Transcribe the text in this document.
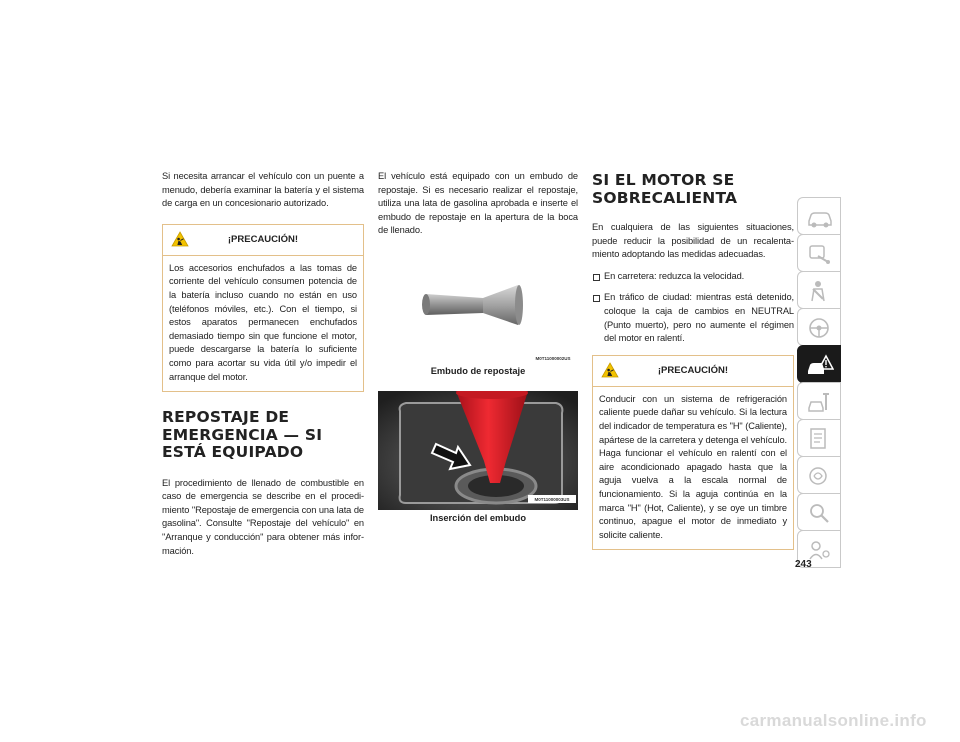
Si necesita arrancar el vehículo con un puente a menudo, debería examinar la batería y el sistema de carga en un concesionario autorizado.

¡PRECAUCIÓN!

Los accesorios enchufados a las tomas de corriente del vehículo consumen potencia de la batería incluso cuando no están en uso (teléfonos móviles, etc.). Con el tiempo, si estos aparatos permanecen enchufados demasiado tiempo sin que funcione el motor, puede descargarse la batería lo suficiente como para acortar su vida útil y/o impedir el arranque del motor.

REPOSTAJE DE EMERGENCIA — SI ESTÁ EQUIPADO

El procedimiento de llenado de combustible en caso de emergencia se describe en el procedi-miento "Repostaje de emergencia con una lata de gasolina". Consulte "Repostaje del vehículo" en "Arranque y conducción" para obtener más infor-mación.

El vehículo está equipado con un embudo de repostaje. Si es necesario realizar el repostaje, utiliza una lata de gasolina aprobada e inserte el embudo de repostaje en la apertura de la boca de llenado.

M0T11000002US
Embudo de repostaje
M0T11000003US
Inserción del embudo
SI EL MOTOR SE SOBRECALIENTA

En cualquiera de las siguientes situaciones, puede reducir la posibilidad de un recalenta-miento adoptando las medidas adecuadas.

En carretera: reduzca la velocidad.

En tráfico de ciudad: mientras está detenido, coloque la caja de cambios en NEUTRAL (Punto muerto), pero no aumente el régimen del motor en ralentí.

¡PRECAUCIÓN!

Conducir con un sistema de refrigeración caliente puede dañar su vehículo. Si la lectura del indicador de temperatura es "H" (Caliente), apártese de la carretera y detenga el vehículo. Haga funcionar el vehículo en ralentí con el aire acondicionado apagado hasta que la aguja vuelva a la escala normal de funcionamiento. Si la aguja continúa en la marca "H" (Hot, Caliente), y se oye un timbre continuo, apague el motor de inmediato y solicite caliente.

243
carmanualsonline.info
